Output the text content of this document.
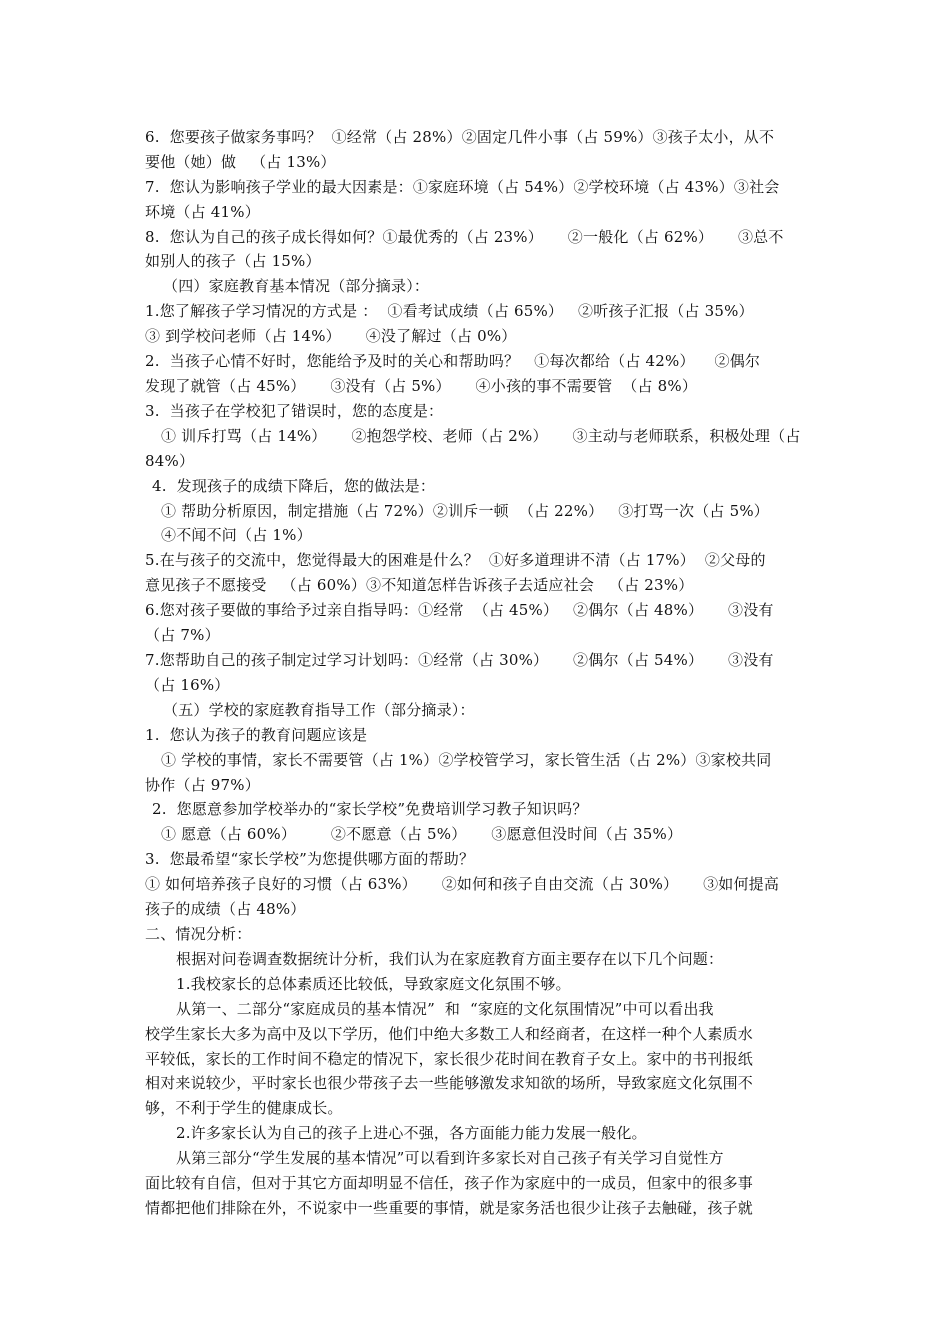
6.  您要孩子做家务事吗？  ①经常（占 28%）②固定几件小事（占 59%）③孩子太小，从不
要他（她）做   （占 13%）
7.  您认为影响孩子学业的最大因素是：①家庭环境（占 54%）②学校环境（占 43%）③社会
环境（占 41%）
8.  您认为自己的孩子成长得如何？①最优秀的（占 23%）     ②一般化（占 62%）     ③总不
如别人的孩子（占 15%）
（四）家庭教育基本情况（部分摘录）：
1.您了解孩子学习情况的方式是 ：  ①看考试成绩（占 65%）   ②听孩子汇报（占 35%）
③ 到学校问老师（占 14%）     ④没了解过（占 0%）
2.  当孩子心情不好时，您能给予及时的关心和帮助吗？   ①每次都给（占 42%）    ②偶尔
发现了就管（占 45%）     ③没有（占 5%）     ④小孩的事不需要管  （占 8%）
3.  当孩子在学校犯了错误时，您的态度是：
① 训斥打骂（占 14%）     ②抱怨学校、老师（占 2%）     ③主动与老师联系，积极处理（占
84%）
4.  发现孩子的成绩下降后，您的做法是：
① 帮助分析原因，制定措施（占 72%）②训斥一顿  （占 22%）   ③打骂一次（占 5%）
④不闻不问（占 1%）
5.在与孩子的交流中，您觉得最大的困难是什么？  ①好多道理讲不清（占 17%）  ②父母的
意见孩子不愿接受   （占 60%）③不知道怎样告诉孩子去适应社会   （占 23%）
6.您对孩子要做的事给予过亲自指导吗：①经常  （占 45%）   ②偶尔（占 48%）     ③没有
（占 7%）
7.您帮助自己的孩子制定过学习计划吗：①经常（占 30%）     ②偶尔（占 54%）     ③没有
（占 16%）
（五）学校的家庭教育指导工作（部分摘录）：
1.  您认为孩子的教育问题应该是
① 学校的事情，家长不需要管（占 1%）②学校管学习，家长管生活（占 2%）③家校共同
协作（占 97%）
2.  您愿意参加学校举办的“家长学校”免费培训学习教子知识吗？
① 愿意（占 60%）       ②不愿意（占 5%）     ③愿意但没时间（占 35%）
3.  您最希望“家长学校”为您提供哪方面的帮助？
① 如何培养孩子良好的习惯（占 63%）     ②如何和孩子自由交流（占 30%）     ③如何提高
孩子的成绩（占 48%）
二、情况分析：
根据对问卷调查数据统计分析，我们认为在家庭教育方面主要存在以下几个问题：
1.我校家长的总体素质还比较低，导致家庭文化氛围不够。
从第一、二部分“家庭成员的基本情况”  和  “家庭的文化氛围情况”中可以看出我
校学生家长大多为高中及以下学历，他们中绝大多数工人和经商者，在这样一种个人素质水
平较低，家长的工作时间不稳定的情况下，家长很少花时间在教育子女上。家中的书刊报纸
相对来说较少，平时家长也很少带孩子去一些能够激发求知欲的场所，导致家庭文化氛围不
够，不利于学生的健康成长。
2.许多家长认为自己的孩子上进心不强，各方面能力能力发展一般化。
从第三部分“学生发展的基本情况”可以看到许多家长对自己孩子有关学习自觉性方
面比较有自信，但对于其它方面却明显不信任，孩子作为家庭中的一成员，但家中的很多事
情都把他们排除在外，不说家中一些重要的事情，就是家务活也很少让孩子去触碰，孩子就
